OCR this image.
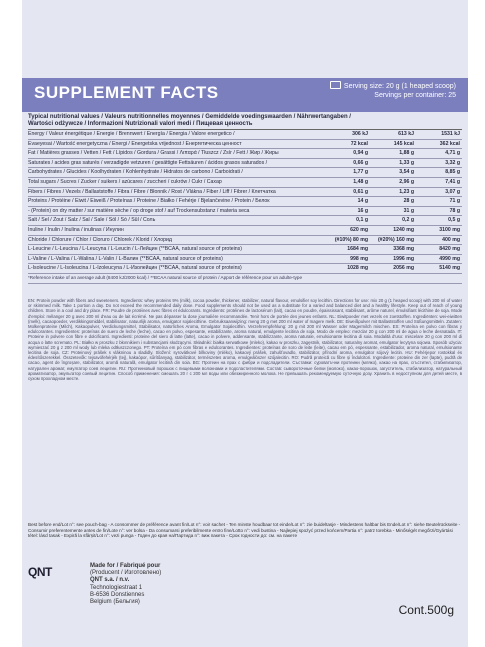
SUPPLEMENT FACTS	Serving size: 20 g (1 heaped scoop)
Servings per container: 25
Typical nutritional values / Valeurs nutritionnelles moyennes / Gemiddelde voedingswaarden / Nährwertangaben /
Wartości odżywcze / Informazioni Nutrizionali valori medi / Пищевая ценность
Energy / Valeur énergétique / Energie / Brennwert / Energía / Energia / Valore energetico /	306 kJ	613 kJ	1531 kJ
Evaeyesai / Wartość energetyczna / Energi / Energetska vrijednost / Енергетическа ценност	72 kcal	145 kcal	362 kcal
Fat / Matières grasses / Vetten / Fett / Lípidos / Gordura / Grassi / Λιπαρά / Tłuszcz / Zsír / Fett / Жир / Жиры	0,94 g	1,88 g	4,71 g
Saturates / acides gras saturés / verzadigde vetzuren / gesättigte Fettsäuren / ácidos grasos saturados /	0,66 g	1,33 g	3,32 g
Carbohydrates / Glucides / Koolhydraten / Kohlenhydrate / Hidratos de carbono / Carboidrati /	1,77 g	3,54 g	8,85 g
Total sugars / Sucres / Zucker / suikers / azúcares / zuccheri / cukrów / Cukr / Сахар	1,48 g	2,96 g	7,41 g
Fibers / Fibres / Vezels / Ballaststoffe / Fibra / Fibre / Błonnik / Rost / Vlákna / Fiber / Liff / Fibrer / Клетчатка	0,61 g	1,23 g	3,07 g
Proteins / Protéine / Eiwit / Eiweiß / Proteínas / Proteine / Białko / Fehérje / Bjelančevine / Protein / Белок	14 g	28 g	71 g
- (Protein) on dry matter / sur matière sèche / op droge stof / auf Trockensubstanz / materia seca	16 g	31 g	78 g
Salt / Sel / Zout / Salz / Sal / Sale / Sól / Só / Sůl / Соль	0,1 g	0,2 g	0,5 g
Inuline / Inulin / Inulina / inulinas / Инулин	620 mg	1240 mg	3100 mg
Chloride / Chlorure / Chlor / Cloruro / Chlorek / Klorid / Хлорид	(#10%) 80 mg	(#20%) 160 mg	400 mg
L-Leucine / L-Leucina / L-Leucyna / L-Leucin / L-Лейцин (**BCAA, natural source of proteins)	1684 mg	3368 mg	8420 mg
L-Valine / L-Valina / L-Walina / L-Valin / L-Валин (**BCAA, natural source of proteins)	998 mg	1996 mg	4990 mg
L-Isoleucine / L-Isoleucina / L-Izoleucyna / L-Изолейцин (**BCAA, natural source of proteins)	1028 mg	2056 mg	5140 mg
*Reference intake of an average adult (8400 kJ/2000 kcal) / **BCAA natural source of protein / Apport de référence pour un adulte-type
EN: Protein powder with fibers and sweeteners. Ingredients: whey proteins 9% (milk), cocoa powder, thickener, stabilizer, natural flavour, emulsifier soy lecithin. Directions for use: mix 20 g (1 heaped scoop) with 200 ml of water or skimmed milk. Take 1 portion a day. Do not exceed the recommended daily dose. Food supplements should not be used as a substitute for a varied and balanced diet and a healthy lifestyle. Keep out of reach of young children. Store in a cool and dry place. FR: Poudre de protéines avec fibres et édulcorants. Ingrédients: protéines de lactosérum (lait), cacao en poudre, épaississant, stabilisant, arôme naturel, émulsifiant lécithine de soja. Mode d'emploi: mélanger 20 g avec 200 ml d'eau ou de lait écrémé. Ne pas dépasser la dose journalière recommandée. Tenir hors de portée des jeunes enfants. NL: Eiwitpoeder met vezels en zoetstoffen. Ingrediënten: wei-eiwitten (melk), cacaopoeder, verdikkingsmiddel, stabilisator, natuurlijk aroma, emulgator sojalecithine. Gebruiksaanwijzing: meng 20 g met 200 ml water of magere melk. DE: Eiweißpulver mit Ballaststoffen und Süßungsmitteln. Zutaten: Molkenproteine (Milch), Kakaopulver, Verdickungsmittel, Stabilisator, natürliches Aroma, Emulgator Sojalecithin. Verzehrempfehlung: 20 g mit 200 ml Wasser oder Magermilch mischen. ES: Proteína en polvo con fibras y edulcorantes. Ingredientes: proteínas de suero de leche (leche), cacao en polvo, espesante, estabilizante, aroma natural, emulgente lecitina de soja. Modo de empleo: mezclar 20 g con 200 ml de agua o leche desnatada. IT: Proteine in polvere con fibre e dolcificanti. Ingredienti: proteine del siero di latte (latte), cacao in polvere, addensante, stabilizzante, aroma naturale, emulsionante lecitina di soia. Modalità d'uso: miscelare 20 g con 200 ml di acqua o latte scremato. PL: Białko w proszku z błonnikiem i substancjami słodzącymi. Składniki: białka serwatkowe (mleko), kakao w proszku, zagęstnik, stabilizator, naturalny aromat, emulgator lecytyna sojowa. Sposób użycia: wymieszać 20 g z 200 ml wody lub mleka odtłuszczonego. PT: Proteína em pó com fibras e edulcorantes. Ingredientes: proteínas de soro de leite (leite), cacau em pó, espessante, estabilizador, aroma natural, emulsionante lecitina de soja. CZ: Proteinový prášek s vlákninou a sladidly. Složení: syrovátkové bílkoviny (mléko), kakaový prášek, zahušťovadlo, stabilizátor, přírodní aroma, emulgátor sójový lecitin. HU: Fehérjepor rostokkal és édesítőszerekkel. Összetevők: tejsavófehérjék (tej), kakaópor, sűrítőanyag, stabilizátor, természetes aroma, emulgeálószer szójalecitin. RO: Pudră proteică cu fibre și îndulcitori. Ingrediente: proteine din zer (lapte), pudră de cacao, agent de îngroșare, stabilizator, aromă naturală, emulgator lecitină din soia. BG: Протеин на прах с фибри и подсладители. Съставки: суроватъчни протеини (мляко), какао на прах, сгъстител, стабилизатор, натурален аромат, емулгатор соев лецитин. RU: Протеиновый порошок с пищевыми волокнами и подсластителями. Состав: сывороточные белки (молоко), какао-порошок, загуститель, стабилизатор, натуральный ароматизатор, эмульгатор соевый лецитин. Способ применения: смешать 20 г с 200 мл воды или обезжиренного молока. Не превышать рекомендуемую суточную дозу. Хранить в недоступном для детей месте, в сухом прохладном месте.
Best before end/Lot n°: see pouch-bag - A consommer de préférence avant fin/Lot n°: voir sachet - Ten minste houdbaar tot einde/Lot n°: zie buideltasje - Mindestens haltbar bis Ende/Lot n°: siehe Beutelrückseite - Consumir preferentemente antes de fin/Lote n°: ver bolsa - Da consumarsi preferibilmente entro fine/Lotto n°: vedi bustina - Najlepiej spożyć przed końcem/Partia n°: patrz torebka - Minőségét megőrzi/Gyártási tétel: lásd tasak - Expiră la sfârșit/Lot n°: vezi punga - Годен до края на/Партида n°: виж пакета - Срок годности до: см. на пакете
QNT	Made for / Fabriqué pour
(Producent / Изготовлено)
QNT s.a. / n.v.
Technologiestraat 1
B-6536 Donstiennes
Belgium (Бельгия)
Cont.500g
